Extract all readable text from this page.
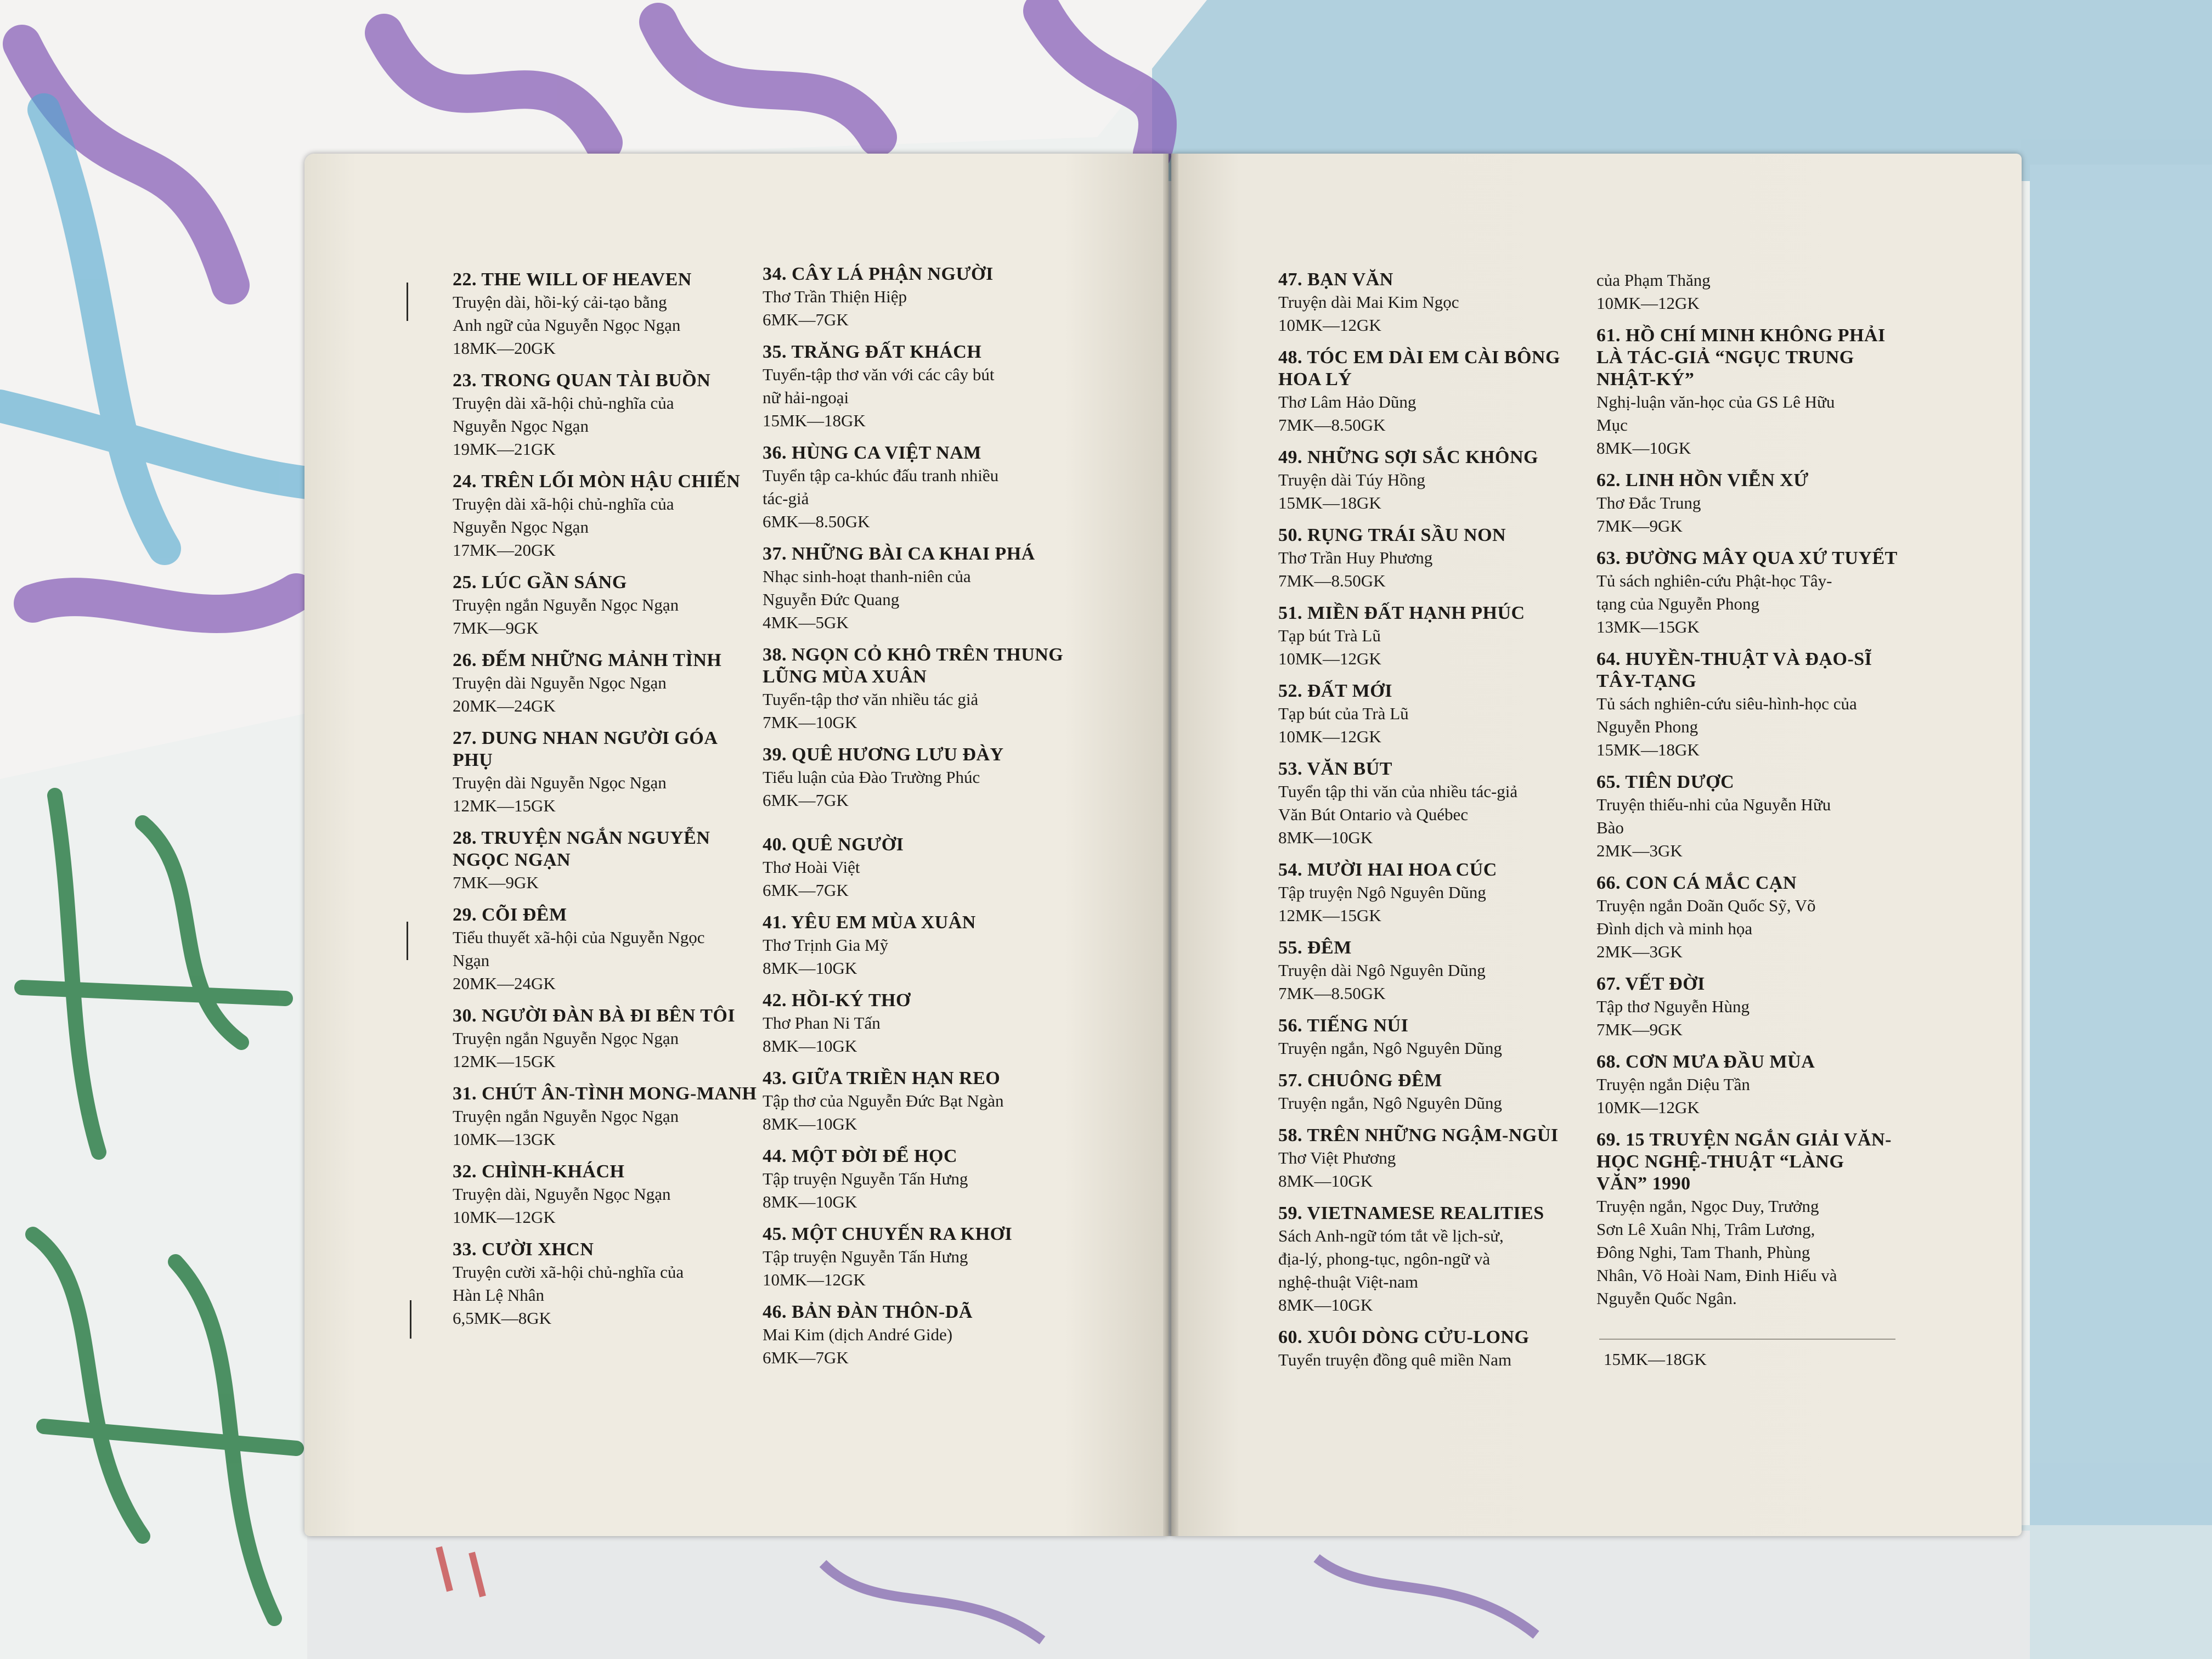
22. THE WILL OF HEAVEN
Truyện dài, hồi-ký cải-tạo bằng
Anh ngữ của Nguyễn Ngọc Ngạn
18MK—20GK
23. TRONG QUAN TÀI BUỒN
Truyện dài xã-hội chủ-nghĩa của
Nguyễn Ngọc Ngạn
19MK—21GK
24. TRÊN LỐI MÒN HẬU CHIẾN
Truyện dài xã-hội chủ-nghĩa của
Nguyễn Ngọc Ngạn
17MK—20GK
25. LÚC GẦN SÁNG
Truyện ngắn Nguyễn Ngọc Ngạn
7MK—9GK
26. ĐẾM NHỮNG MẢNH TÌNH
Truyện dài Nguyễn Ngọc Ngạn
20MK—24GK
27. DUNG NHAN NGƯỜI GÓA PHỤ
Truyện dài Nguyễn Ngọc Ngạn
12MK—15GK
28. TRUYỆN NGẮN NGUYỄN NGỌC NGẠN
7MK—9GK
29. CÕI ĐÊM
Tiểu thuyết xã-hội của Nguyễn Ngọc
Ngạn
20MK—24GK
30. NGƯỜI ĐÀN BÀ ĐI BÊN TÔI
Truyện ngắn Nguyễn Ngọc Ngạn
12MK—15GK
31. CHÚT ÂN-TÌNH MONG-MANH
Truyện ngắn Nguyễn Ngọc Ngạn
10MK—13GK
32. CHÌNH-KHÁCH
Truyện dài, Nguyễn Ngọc Ngạn
10MK—12GK
33. CƯỜI XHCN
Truyện cười xã-hội chủ-nghĩa của
Hàn Lệ Nhân
6,5MK—8GK
34. CÂY LÁ PHẬN NGƯỜI
Thơ Trần Thiện Hiệp
6MK—7GK
35. TRĂNG ĐẤT KHÁCH
Tuyển-tập thơ văn với các cây bút
nữ hải-ngoại
15MK—18GK
36. HÙNG CA VIỆT NAM
Tuyển tập ca-khúc đấu tranh nhiều
tác-giả
6MK—8.50GK
37. NHỮNG BÀI CA KHAI PHÁ
Nhạc sinh-hoạt thanh-niên của
Nguyễn Đức Quang
4MK—5GK
38. NGỌN CỎ KHÔ TRÊN THUNG LŨNG MÙA XUÂN
Tuyển-tập thơ văn nhiều tác giả
7MK—10GK
39. QUÊ HƯƠNG LƯU ĐÀY
Tiểu luận của Đào Trường Phúc
6MK—7GK
40. QUÊ NGƯỜI
Thơ Hoài Việt
6MK—7GK
41. YÊU EM MÙA XUÂN
Thơ Trịnh Gia Mỹ
8MK—10GK
42. HỒI-KÝ THƠ
Thơ Phan Ni Tấn
8MK—10GK
43. GIỮA TRIỀN HẠN REO
Tập thơ của Nguyễn Đức Bạt Ngàn
8MK—10GK
44. MỘT ĐỜI ĐỂ HỌC
Tập truyện Nguyễn Tấn Hưng
8MK—10GK
45. MỘT CHUYẾN RA KHƠI
Tập truyện Nguyễn Tấn Hưng
10MK—12GK
46. BẢN ĐÀN THÔN-DÃ
Mai Kim (dịch André Gide)
6MK—7GK
47. BẠN VĂN
Truyện dài Mai Kim Ngọc
10MK—12GK
48. TÓC EM DÀI EM CÀI BÔNG HOA LÝ
Thơ Lâm Hảo Dũng
7MK—8.50GK
49. NHỮNG SỢI SẮC KHÔNG
Truyện dài Túy Hồng
15MK—18GK
50. RỤNG TRÁI SẦU NON
Thơ Trần Huy Phương
7MK—8.50GK
51. MIỀN ĐẤT HẠNH PHÚC
Tạp bút Trà Lũ
10MK—12GK
52. ĐẤT MỚI
Tạp bút của Trà Lũ
10MK—12GK
53. VĂN BÚT
Tuyển tập thi văn của nhiều tác-giả
Văn Bút Ontario và Québec
8MK—10GK
54. MƯỜI HAI HOA CÚC
Tập truyện Ngô Nguyên Dũng
12MK—15GK
55. ĐÊM
Truyện dài Ngô Nguyên Dũng
7MK—8.50GK
56. TIẾNG NÚI
Truyện ngắn, Ngô Nguyên Dũng
57. CHUÔNG ĐÊM
Truyện ngắn, Ngô Nguyên Dũng
58. TRÊN NHỮNG NGẬM-NGÙI
Thơ Việt Phương
8MK—10GK
59. VIETNAMESE REALITIES
Sách Anh-ngữ tóm tắt về lịch-sử,
địa-lý, phong-tục, ngôn-ngữ và
nghệ-thuật Việt-nam
8MK—10GK
60. XUÔI DÒNG CỬU-LONG
Tuyển truyện đồng quê miền Nam
của Phạm Thăng
10MK—12GK
61. HỒ CHÍ MINH KHÔNG PHẢI LÀ TÁC-GIẢ “NGỤC TRUNG NHẬT-KÝ”
Nghị-luận văn-học của GS Lê Hữu
Mục
8MK—10GK
62. LINH HỒN VIỄN XỨ
Thơ Đắc Trung
7MK—9GK
63. ĐƯỜNG MÂY QUA XỨ TUYẾT
Tủ sách nghiên-cứu Phật-học Tây-
tạng của Nguyễn Phong
13MK—15GK
64. HUYỀN-THUẬT VÀ ĐẠO-SĨ TÂY-TẠNG
Tủ sách nghiên-cứu siêu-hình-học của
Nguyễn Phong
15MK—18GK
65. TIÊN DƯỢC
Truyện thiếu-nhi của Nguyễn Hữu
Bào
2MK—3GK
66. CON CÁ MẮC CẠN
Truyện ngắn Doãn Quốc Sỹ, Võ
Đình dịch và minh họa
2MK—3GK
67. VẾT ĐỜI
Tập thơ Nguyễn Hùng
7MK—9GK
68. CƠN MƯA ĐẦU MÙA
Truyện ngắn Diệu Tần
10MK—12GK
69. 15 TRUYỆN NGẮN GIẢI VĂN-HỌC NGHỆ-THUẬT “LÀNG VĂN” 1990
Truyện ngắn, Ngọc Duy, Trưởng
Sơn Lê Xuân Nhị, Trâm Lương,
Đông Nghi, Tam Thanh, Phùng
Nhân, Võ Hoài Nam, Đinh Hiếu và
Nguyễn Quốc Ngân.
15MK—18GK
